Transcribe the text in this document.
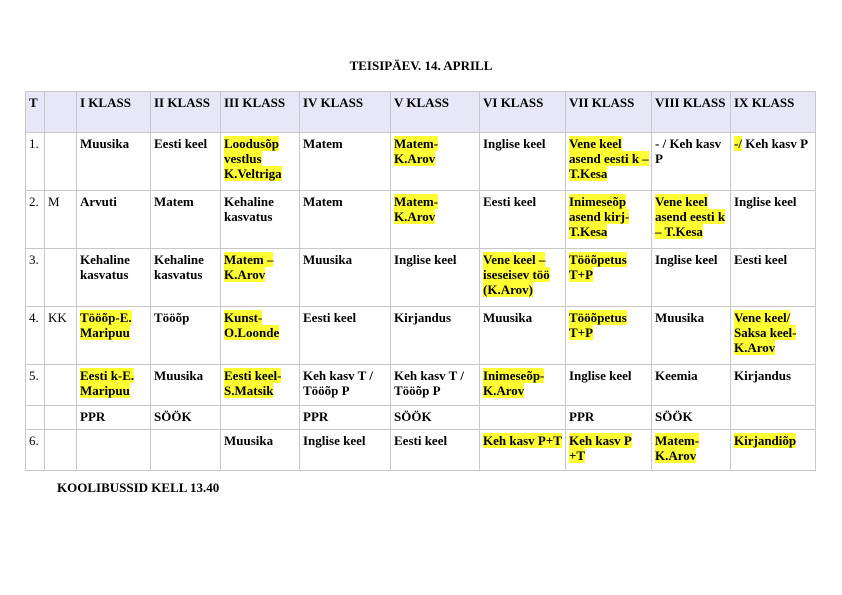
TEISIPÄEV. 14. APRILL
T		I KLASS	II KLASS	III KLASS	IV KLASS	V KLASS	VI KLASS	VII KLASS	VIII KLASS	IX KLASS
1.		Muusika	Eesti keel	Loodusõp vestlus K.Veltriga	Matem	Matem-K.Arov	Inglise keel	Vene keel asend eesti k – T.Kesa	- / Keh kasv P	-/ Keh kasv P
2.	M	Arvuti	Matem	Kehaline kasvatus	Matem	Matem-K.Arov	Eesti keel	Inimeseõp asend kirj-T.Kesa	Vene keel asend eesti k – T.Kesa	Inglise keel
3.		Kehaline kasvatus	Kehaline kasvatus	Matem – K.Arov	Muusika	Inglise keel	Vene keel – iseseisev töö (K.Arov)	Tööõpetus T+P	Inglise keel	Eesti keel
4.	KK	Tööõp-E. Maripuu	Tööõp	Kunst-O.Loonde	Eesti keel	Kirjandus	Muusika	Tööõpetus T+P	Muusika	Vene keel/ Saksa keel-K.Arov
5.		Eesti k-E. Maripuu	Muusika	Eesti keel-S.Matsik	Keh kasv T / Tööõp P	Keh kasv T / Tööõp P	Inimeseõp-K.Arov	Inglise keel	Keemia	Kirjandus
		PPR	SÖÖK		PPR	SÖÖK		PPR	SÖÖK	
6.				Muusika	Inglise keel	Eesti keel	Keh kasv P+T	Keh kasv P +T	Matem-K.Arov	Kirjandiõp
KOOLIBUSSID KELL 13.40
